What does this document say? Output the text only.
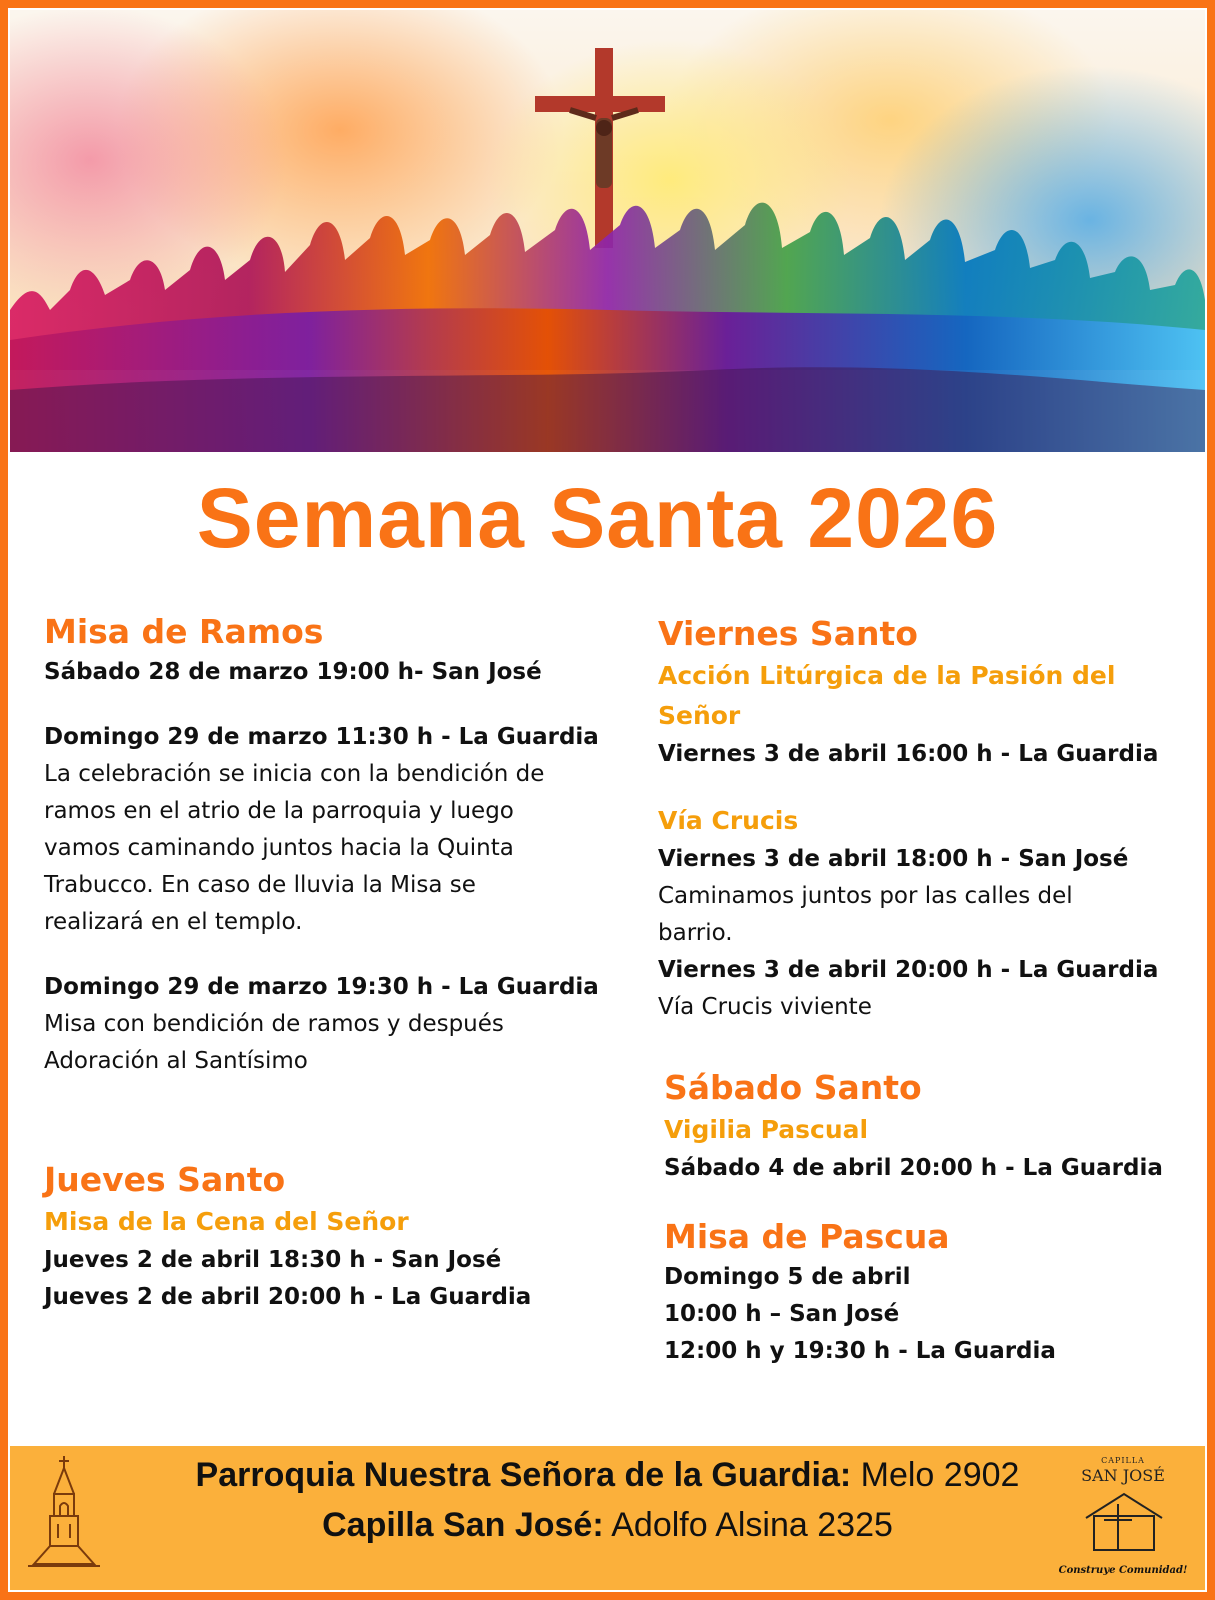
Semana Santa 2026
Misa de Ramos
Sábado 28 de marzo 19:00 h- San José
Domingo 29 de marzo 11:30 h - La Guardia
La celebración se inicia con la bendición de
ramos en el atrio de la parroquia y luego
vamos caminando juntos hacia la Quinta
Trabucco. En caso de lluvia la Misa se
realizará en el templo.
Domingo 29 de marzo 19:30 h - La Guardia
Misa con bendición de ramos y después
Adoración al Santísimo
Jueves Santo
Misa de la Cena del Señor
Jueves 2 de abril 18:30 h - San José
Jueves 2 de abril 20:00 h - La Guardia
Viernes Santo
Acción Litúrgica de la Pasión del
Señor
Viernes 3 de abril 16:00 h - La Guardia
Vía Crucis
Viernes 3 de abril 18:00 h - San José
Caminamos juntos por las calles del
barrio.
Viernes 3 de abril 20:00 h - La Guardia
Vía Crucis viviente
Sábado Santo
Vigilia Pascual
Sábado 4 de abril 20:00 h - La Guardia
Misa de Pascua
Domingo 5 de abril
10:00 h – San José
12:00 h y 19:30 h - La Guardia
Parroquia Nuestra Señora de la Guardia: Melo 2902
Capilla San José: Adolfo Alsina 2325
CAPILLA
SAN JOSÉ
Construye Comunidad!
